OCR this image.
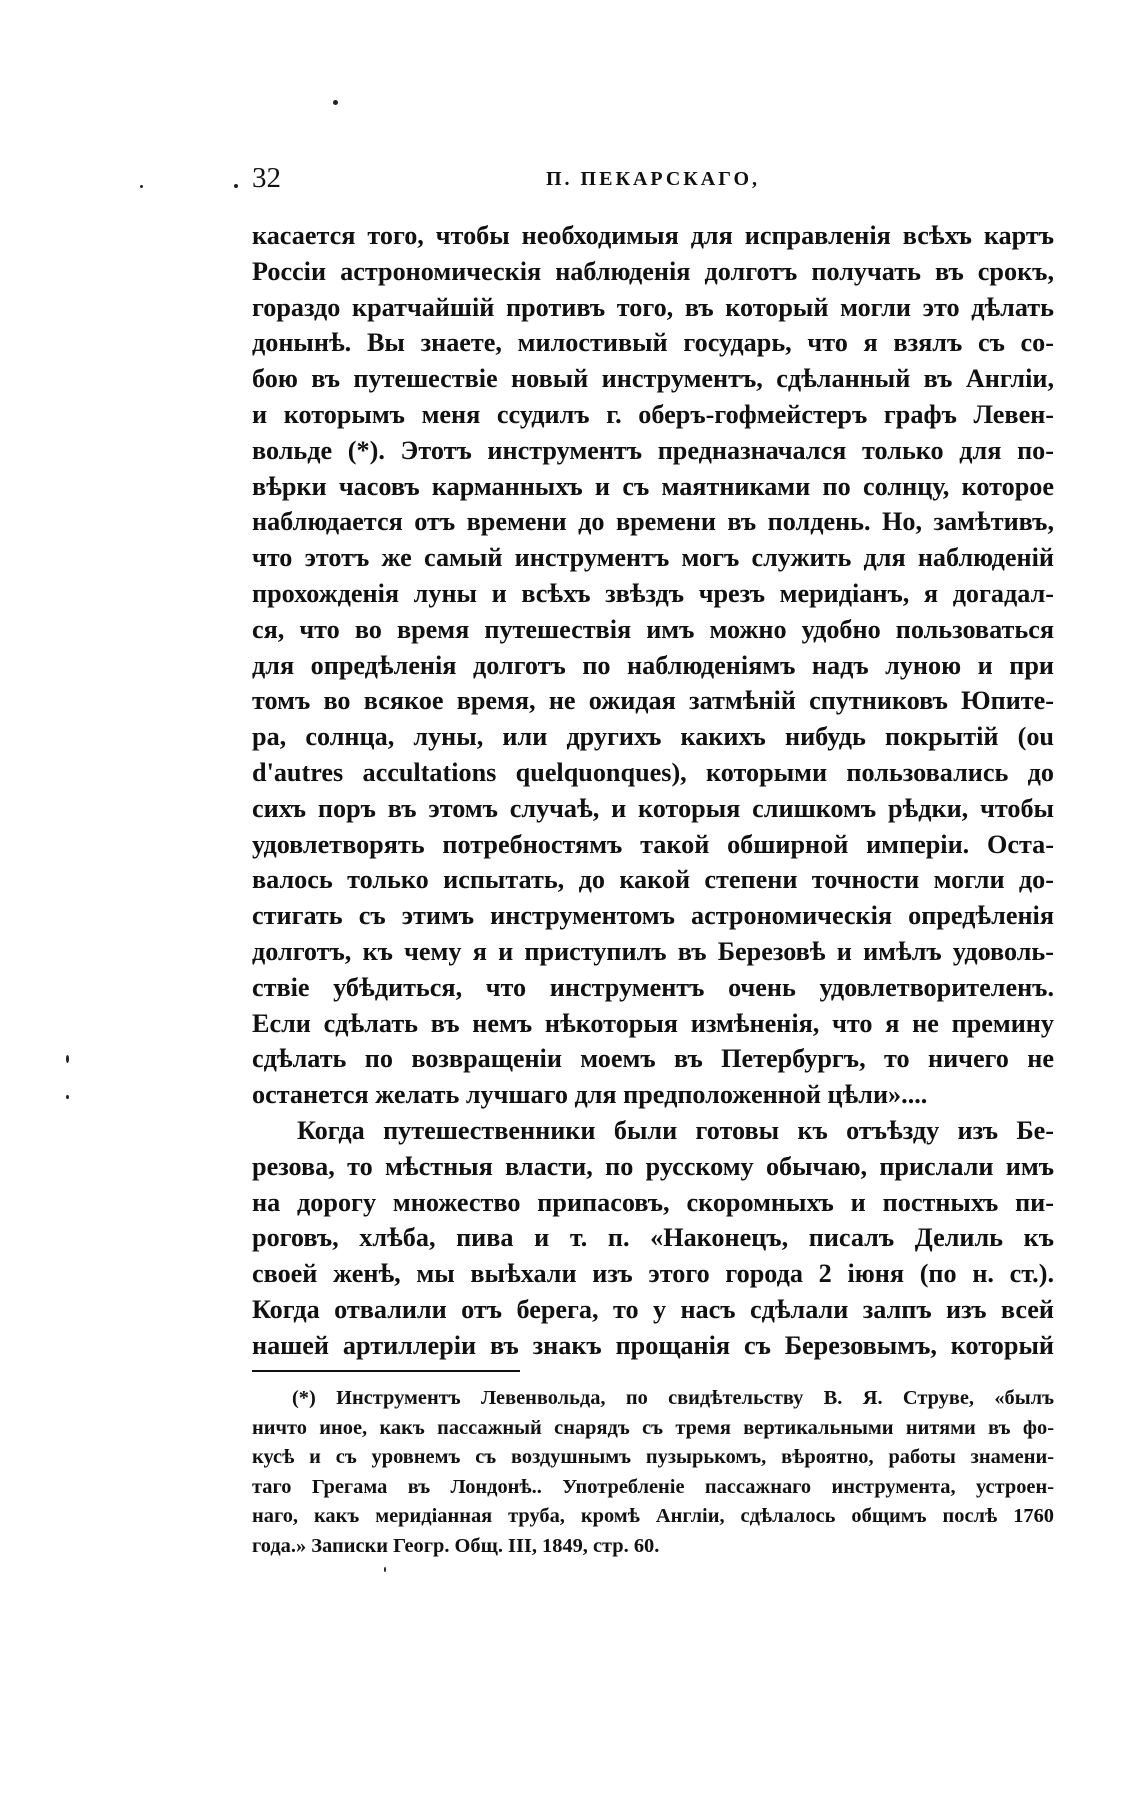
32	П. ПЕКАРСКАГО,
касается того, чтобы необходимыя для исправленія всѣхъ картъ
Россіи астрономическія наблюденія долготъ получать въ срокъ,
гораздо кратчайшій противъ того, въ который могли это дѣлать
донынѣ. Вы знаете, милостивый государь, что я взялъ съ со-
бою въ путешествіе новый инструментъ, сдѣланный въ Англіи,
и которымъ меня ссудилъ г. оберъ-гофмейстеръ графъ Левен-
вольде (*). Этотъ инструментъ предназначался только для по-
вѣрки часовъ карманныхъ и съ маятниками по солнцу, которое
наблюдается отъ времени до времени въ полдень. Но, замѣтивъ,
что этотъ же самый инструментъ могъ служить для наблюденій
прохожденія луны и всѣхъ звѣздъ чрезъ меридіанъ, я догадал-
ся, что во время путешествія имъ можно удобно пользоваться
для опредѣленія долготъ по наблюденіямъ надъ луною и при
томъ во всякое время, не ожидая затмѣній спутниковъ Юпите-
ра, солнца, луны, или другихъ какихъ нибудь покрытій (ou
d'autres accultations quelquonques), которыми пользовались до
сихъ поръ въ этомъ случаѣ, и которыя слишкомъ рѣдки, чтобы
удовлетворять потребностямъ такой обширной имперіи. Оста-
валось только испытать, до какой степени точности могли до-
стигать съ этимъ инструментомъ астрономическія опредѣленія
долготъ, къ чему я и приступилъ въ Березовѣ и имѣлъ удоволь-
ствіе убѣдиться, что инструментъ очень удовлетворителенъ.
Если сдѣлать въ немъ нѣкоторыя измѣненія, что я не премину
сдѣлать по возвращеніи моемъ въ Петербургъ, то ничего не
останется желать лучшаго для предположенной цѣли»....
Когда путешественники были готовы къ отъѣзду изъ Бе-
резова, то мѣстныя власти, по русскому обычаю, прислали имъ
на дорогу множество припасовъ, скоромныхъ и постныхъ пи-
роговъ, хлѣба, пива и т. п. «Наконецъ, писалъ Делиль къ
своей женѣ, мы выѣхали изъ этого города 2 іюня (по н. ст.).
Когда отвалили отъ берега, то у насъ сдѣлали залпъ изъ всей
нашей артиллеріи въ знакъ прощанія съ Березовымъ, который
(*) Инструментъ Левенвольда, по свидѣтельству В. Я. Струве, «былъ
ничто иное, какъ пассажный снарядъ съ тремя вертикальными нитями въ фо-
кусѣ и съ уровнемъ съ воздушнымъ пузырькомъ, вѣроятно, работы знамени-
таго Грегама въ Лондонѣ.. Употребленіе пассажнаго инструмента, устроен-
наго, какъ меридіанная труба, кромѣ Англіи, сдѣлалось общимъ послѣ 1760
года.» Записки Геогр. Общ. III, 1849, стр. 60.
